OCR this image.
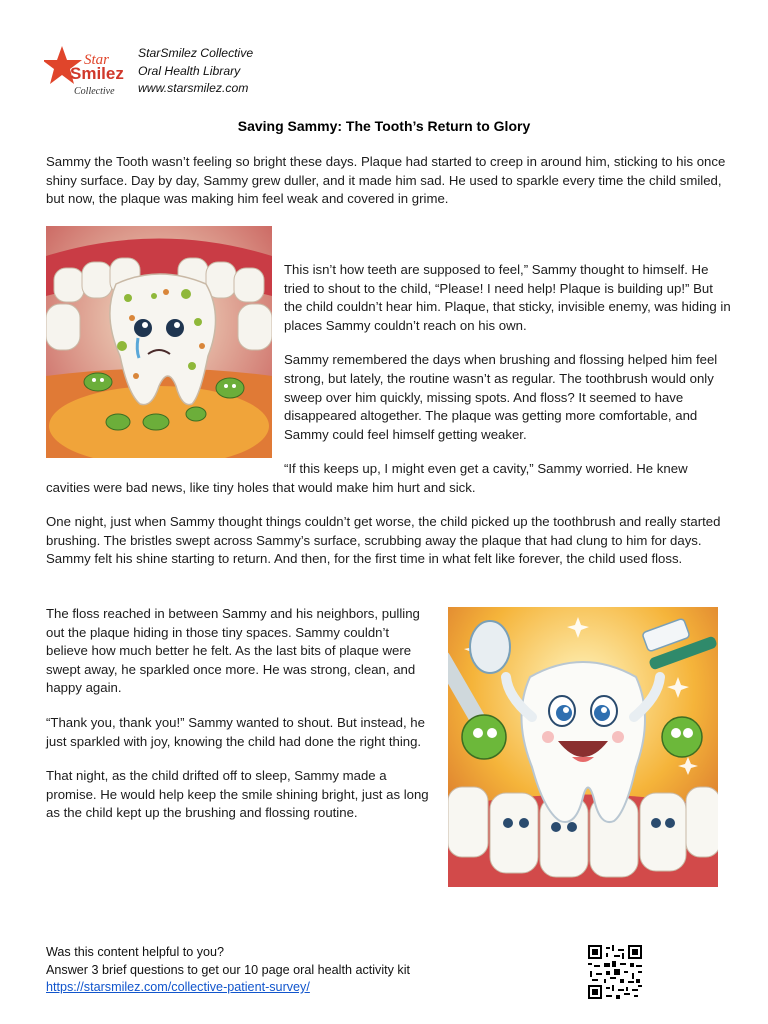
Star
Smilez
Collective
StarSmilez Collective
Oral Health Library
www.starsmilez.com
Saving Sammy: The Tooth’s Return to Glory

Sammy the Tooth wasn’t feeling so bright these days. Plaque had started to creep in around him, sticking to his once shiny surface. Day by day, Sammy grew duller, and it made him sad. He used to sparkle every time the child smiled, but now, the plaque was making him feel weak and covered in grime.

This isn’t how teeth are supposed to feel,” Sammy thought to himself. He tried to shout to the child, “Please! I need help! Plaque is building up!” But the child couldn’t hear him. Plaque, that sticky, invisible enemy, was hiding in places Sammy couldn’t reach on his own.

Sammy remembered the days when brushing and flossing helped him feel strong, but lately, the routine wasn’t as regular. The toothbrush would only sweep over him quickly, missing spots. And floss? It seemed to have disappeared altogether. The plaque was getting more comfortable, and Sammy could feel himself getting weaker.

“If this keeps up, I might even get a cavity,” Sammy worried. He knew

cavities were bad news, like tiny holes that would make him hurt and sick.

One night, just when Sammy thought things couldn’t get worse, the child picked up the toothbrush and really started brushing. The bristles swept across Sammy’s surface, scrubbing away the plaque that had clung to him for days. Sammy felt his shine starting to return. And then, for the first time in what felt like forever, the child used floss.

The floss reached in between Sammy and his neighbors, pulling out the plaque hiding in those tiny spaces. Sammy couldn’t believe how much better he felt. As the last bits of plaque were swept away, he sparkled once more. He was strong, clean, and happy again.

“Thank you, thank you!” Sammy wanted to shout. But instead, he just sparkled with joy, knowing the child had done the right thing.

That night, as the child drifted off to sleep, Sammy made a promise. He would help keep the smile shining bright, just as long as the child kept up the brushing and flossing routine.

Was this content helpful to you?
Answer 3 brief questions to get our 10 page oral health activity kit
https://starsmilez.com/collective-patient-survey/
